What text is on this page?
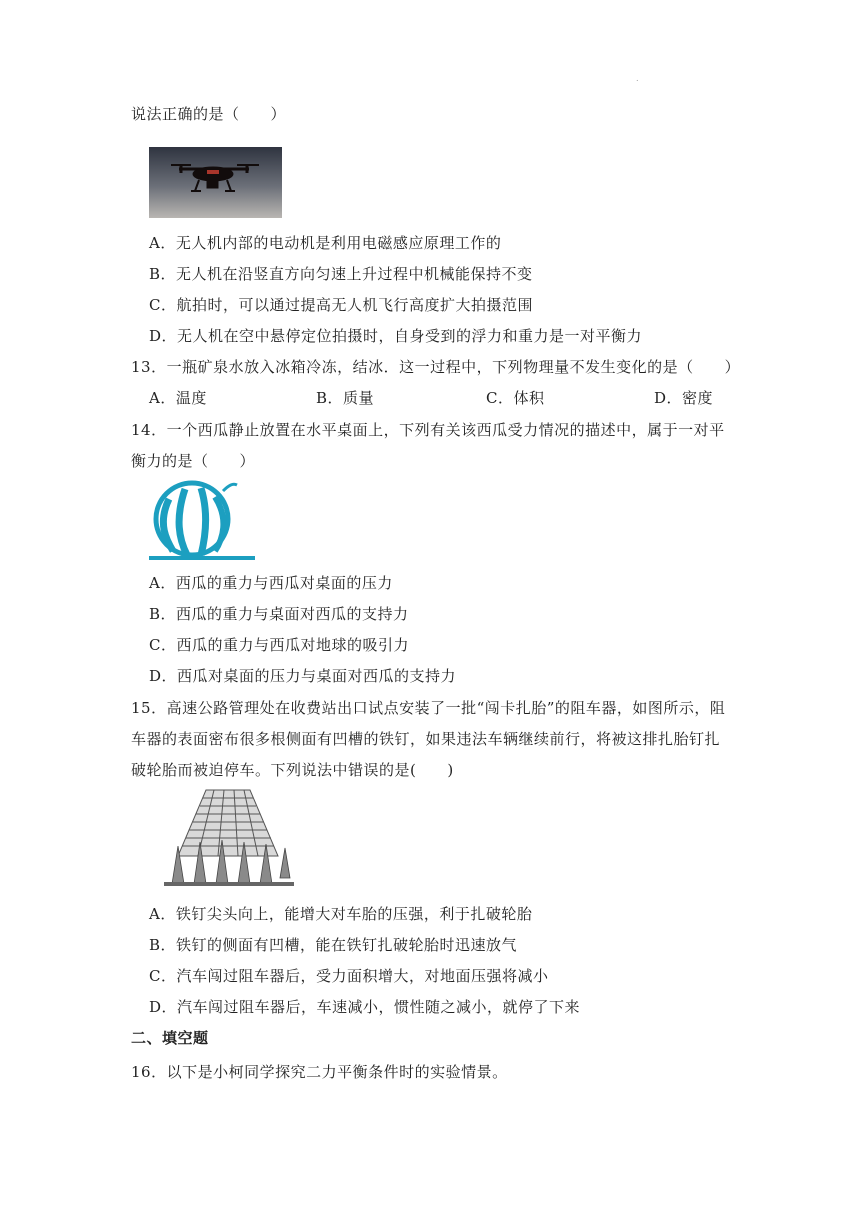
.
说法正确的是（　　）
A．无人机内部的电动机是利用电磁感应原理工作的
B．无人机在沿竖直方向匀速上升过程中机械能保持不变
C．航拍时，可以通过提高无人机飞行高度扩大拍摄范围
D．无人机在空中悬停定位拍摄时，自身受到的浮力和重力是一对平衡力
13．一瓶矿泉水放入冰箱冷冻，结冰．这一过程中，下列物理量不发生变化的是（　　）
A．温度	B．质量	C．体积	D．密度
14．一个西瓜静止放置在水平桌面上，下列有关该西瓜受力情况的描述中，属于一对平
衡力的是（　　）
A．西瓜的重力与西瓜对桌面的压力
B．西瓜的重力与桌面对西瓜的支持力
C．西瓜的重力与西瓜对地球的吸引力
D．西瓜对桌面的压力与桌面对西瓜的支持力
15．高速公路管理处在收费站出口试点安装了一批“闯卡扎胎”的阻车器，如图所示，阻
车器的表面密布很多根侧面有凹槽的铁钉，如果违法车辆继续前行，将被这排扎胎钉扎
破轮胎而被迫停车。下列说法中错误的是(　　)
A．铁钉尖头向上，能增大对车胎的压强，利于扎破轮胎
B．铁钉的侧面有凹槽，能在铁钉扎破轮胎时迅速放气
C．汽车闯过阻车器后，受力面积增大，对地面压强将减小
D．汽车闯过阻车器后，车速减小，惯性随之减小，就停了下来
二、填空题
16．以下是小柯同学探究二力平衡条件时的实验情景。
